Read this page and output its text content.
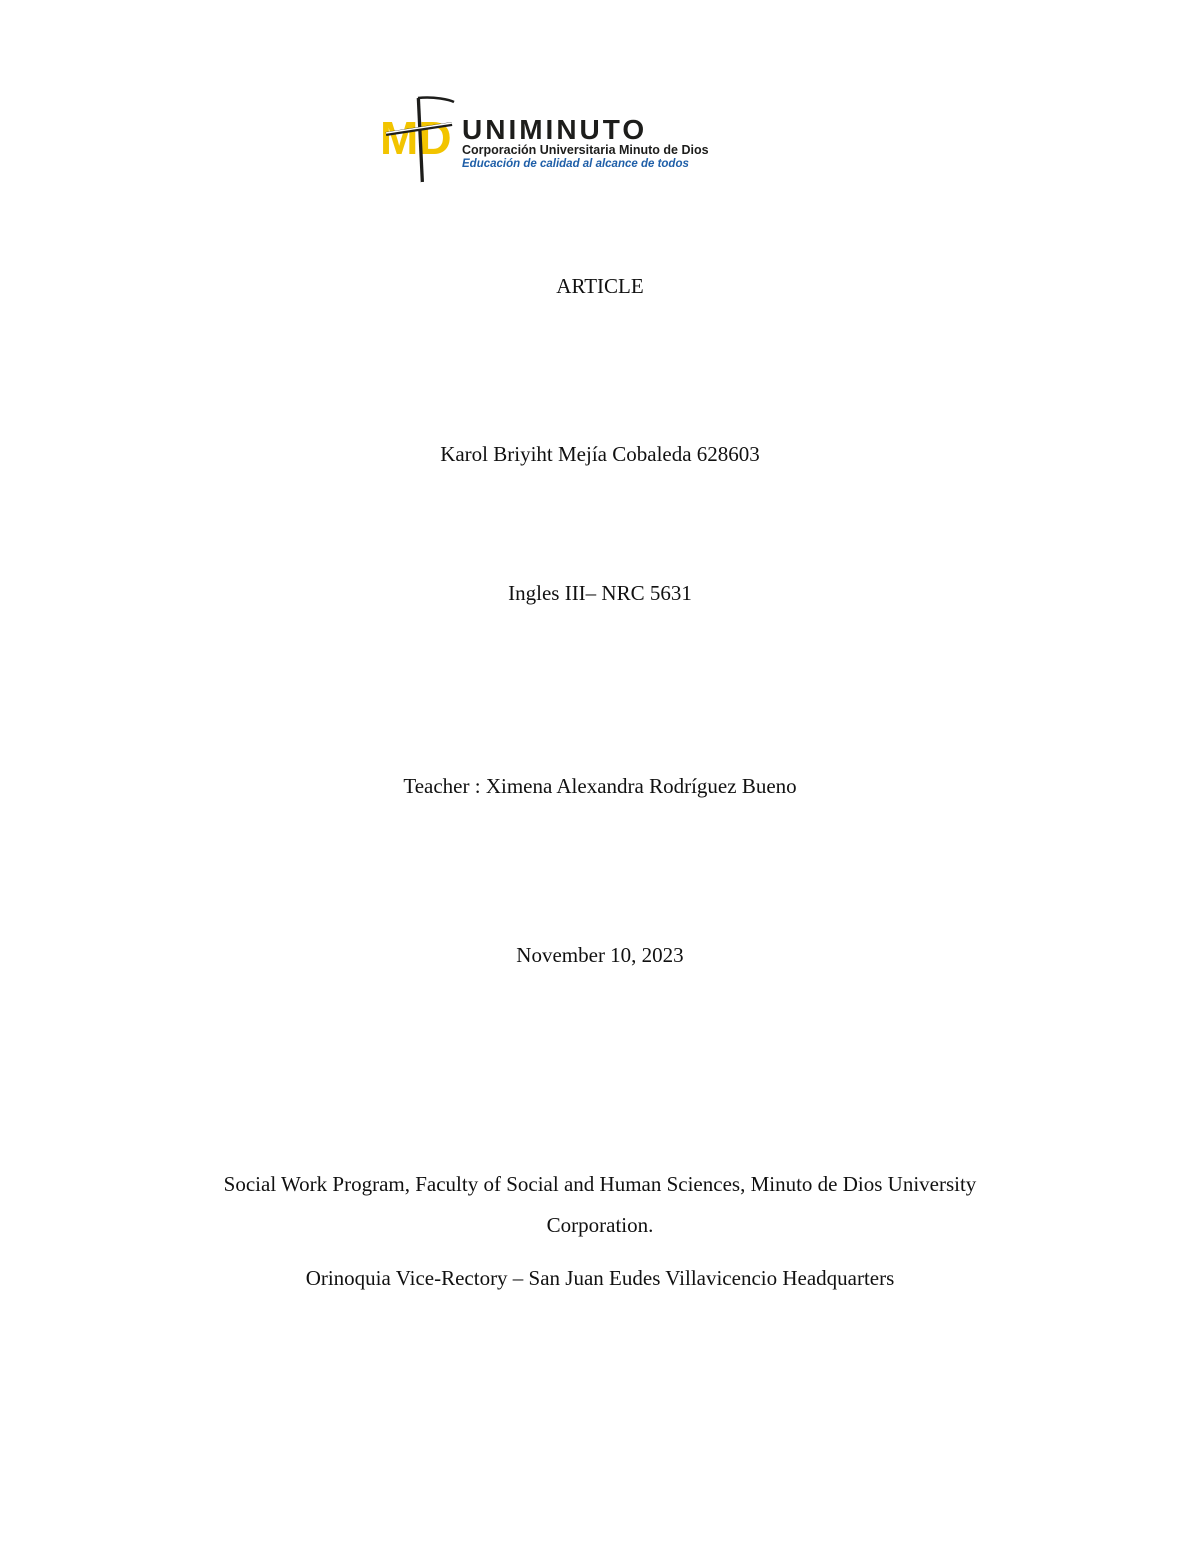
MD UNIMINUTO
Corporación Universitaria Minuto de Dios
Educación de calidad al alcance de todos
ARTICLE
Karol Briyiht Mejía Cobaleda 628603
Ingles III– NRC 5631
Teacher : Ximena Alexandra Rodríguez Bueno
November 10, 2023
Social Work Program, Faculty of Social and Human Sciences, Minuto de Dios University Corporation.
Orinoquia Vice-Rectory – San Juan Eudes Villavicencio Headquarters
